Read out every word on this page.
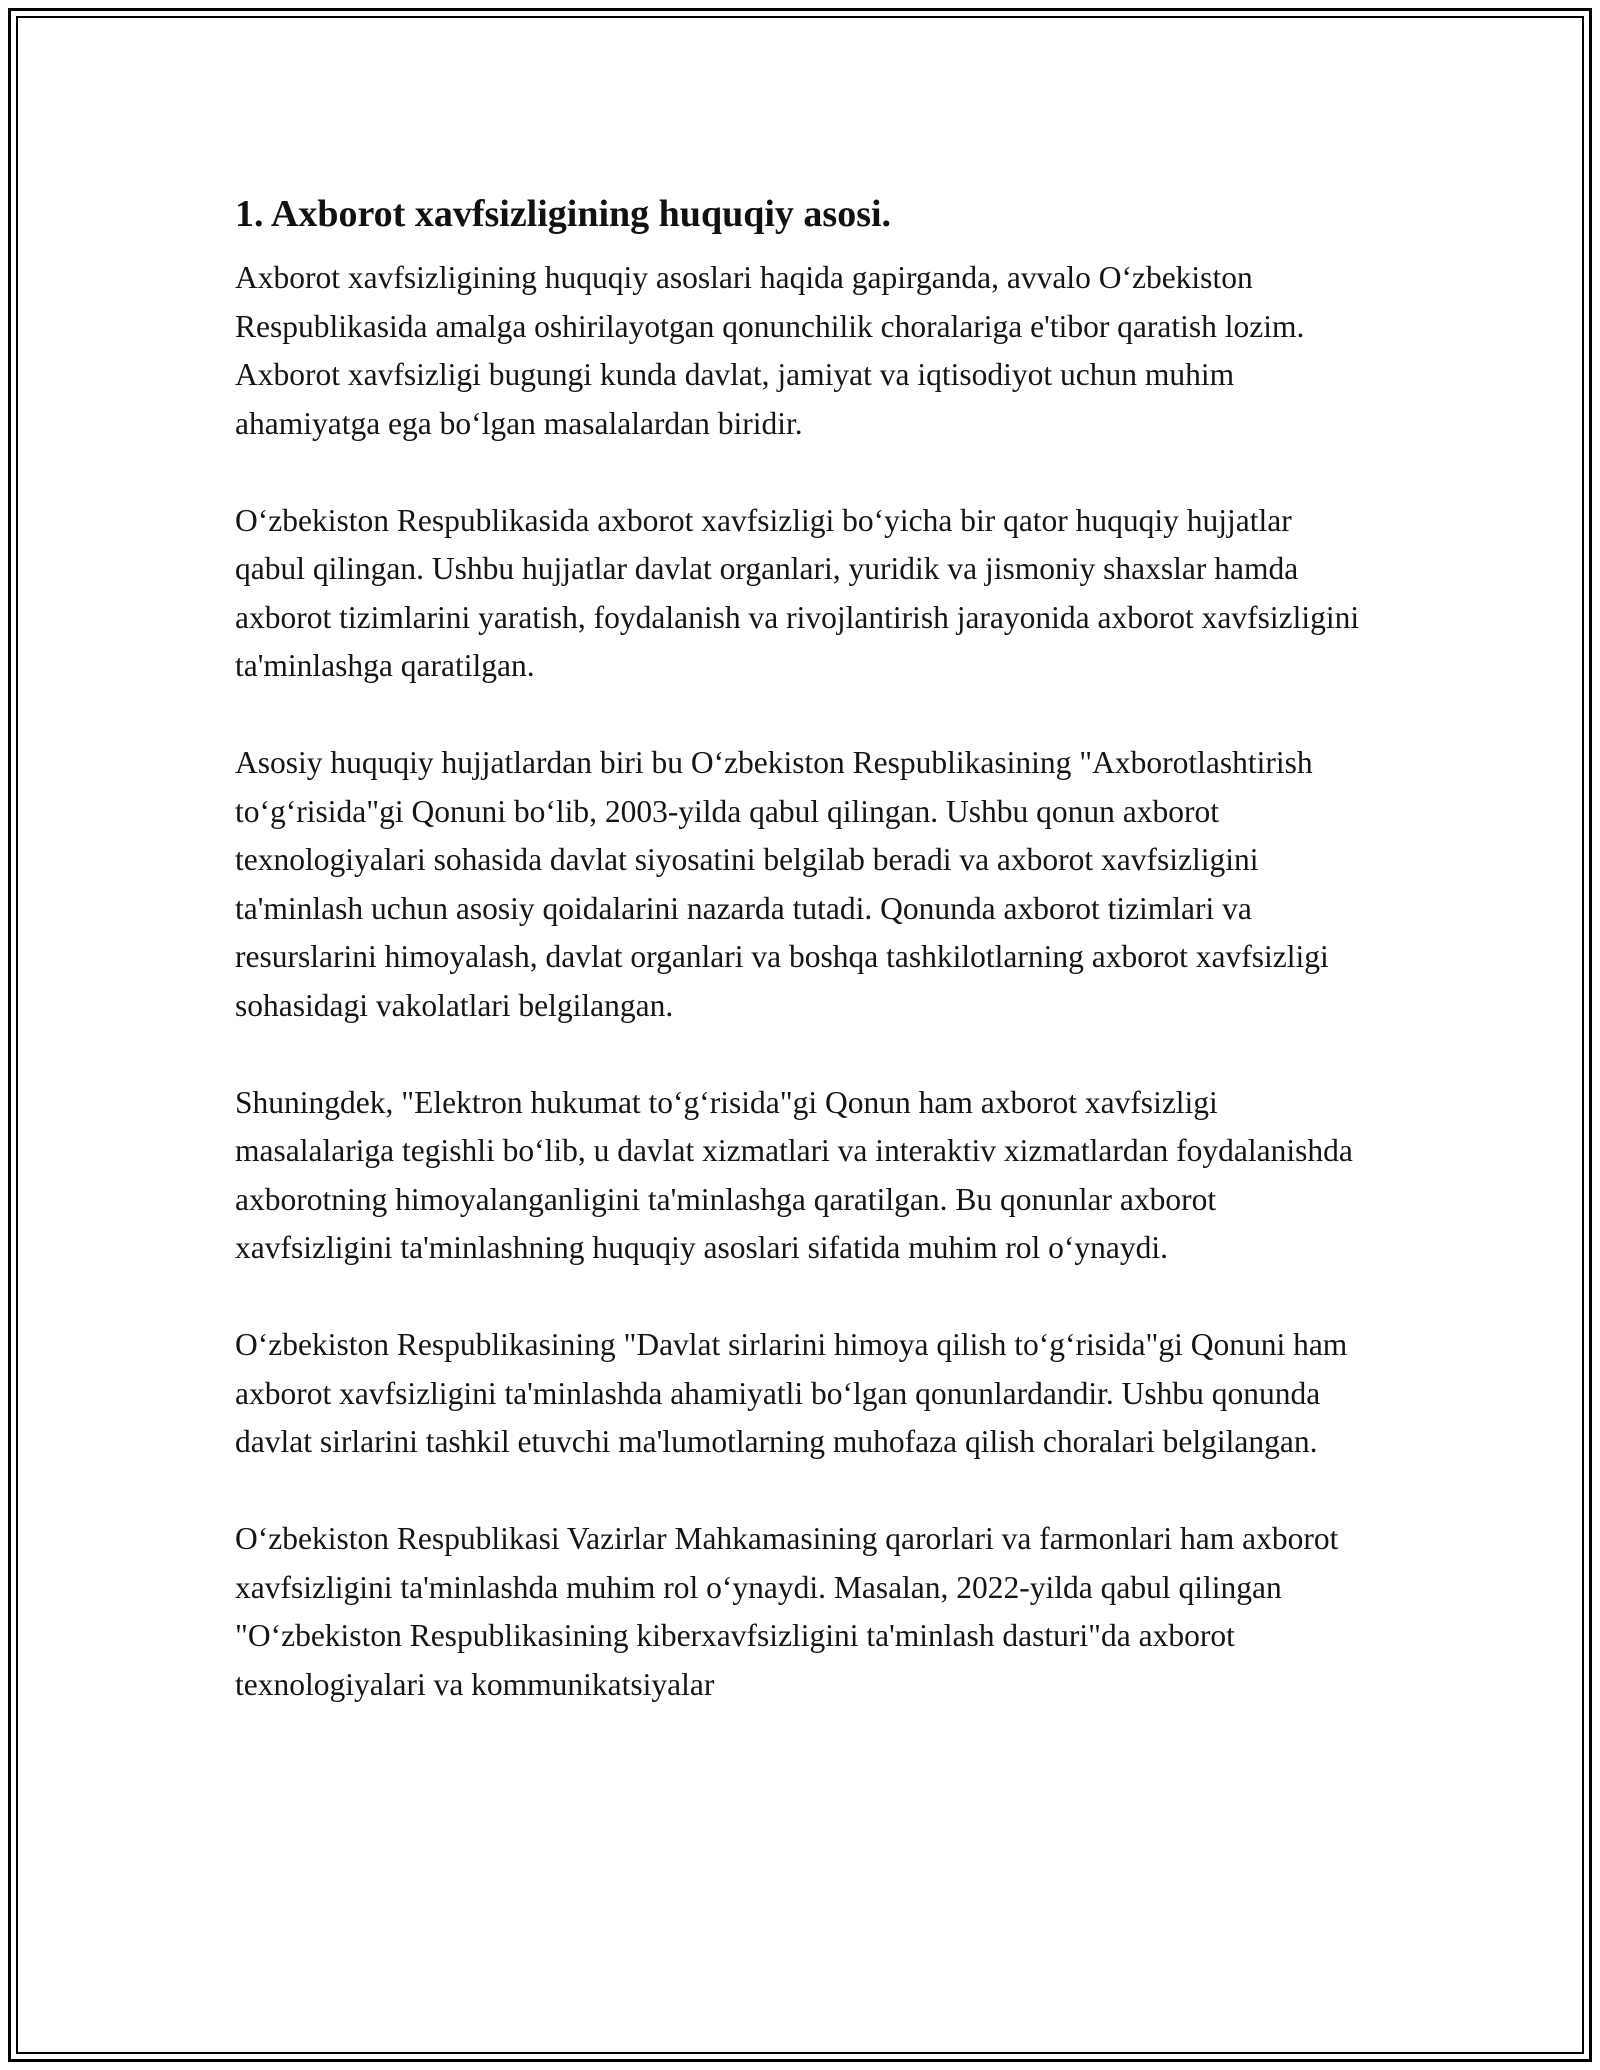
1. Axborot xavfsizligining huquqiy asosi.

Axborot xavfsizligining huquqiy asoslari haqida gapirganda, avvalo O‘zbekiston Respublikasida amalga oshirilayotgan qonunchilik choralariga e'tibor qaratish lozim. Axborot xavfsizligi bugungi kunda davlat, jamiyat va iqtisodiyot uchun muhim ahamiyatga ega bo‘lgan masalalardan biridir.

O‘zbekiston Respublikasida axborot xavfsizligi bo‘yicha bir qator huquqiy hujjatlar qabul qilingan. Ushbu hujjatlar davlat organlari, yuridik va jismoniy shaxslar hamda axborot tizimlarini yaratish, foydalanish va rivojlantirish jarayonida axborot xavfsizligini ta'minlashga qaratilgan.

Asosiy huquqiy hujjatlardan biri bu O‘zbekiston Respublikasining "Axborotlashtirish to‘g‘risida"gi Qonuni bo‘lib, 2003-yilda qabul qilingan. Ushbu qonun axborot texnologiyalari sohasida davlat siyosatini belgilab beradi va axborot xavfsizligini ta'minlash uchun asosiy qoidalarini nazarda tutadi. Qonunda axborot tizimlari va resurslarini himoyalash, davlat organlari va boshqa tashkilotlarning axborot xavfsizligi sohasidagi vakolatlari belgilangan.

Shuningdek, "Elektron hukumat to‘g‘risida"gi Qonun ham axborot xavfsizligi masalalariga tegishli bo‘lib, u davlat xizmatlari va interaktiv xizmatlardan foydalanishda axborotning himoyalanganligini ta'minlashga qaratilgan. Bu qonunlar axborot xavfsizligini ta'minlashning huquqiy asoslari sifatida muhim rol o‘ynaydi.

O‘zbekiston Respublikasining "Davlat sirlarini himoya qilish to‘g‘risida"gi Qonuni ham axborot xavfsizligini ta'minlashda ahamiyatli bo‘lgan qonunlardandir. Ushbu qonunda davlat sirlarini tashkil etuvchi ma'lumotlarning muhofaza qilish choralari belgilangan.

O‘zbekiston Respublikasi Vazirlar Mahkamasining qarorlari va farmonlari ham axborot xavfsizligini ta'minlashda muhim rol o‘ynaydi. Masalan, 2022-yilda qabul qilingan "O‘zbekiston Respublikasining kiberxavfsizligini ta'minlash dasturi"da axborot texnologiyalari va kommunikatsiyalar
